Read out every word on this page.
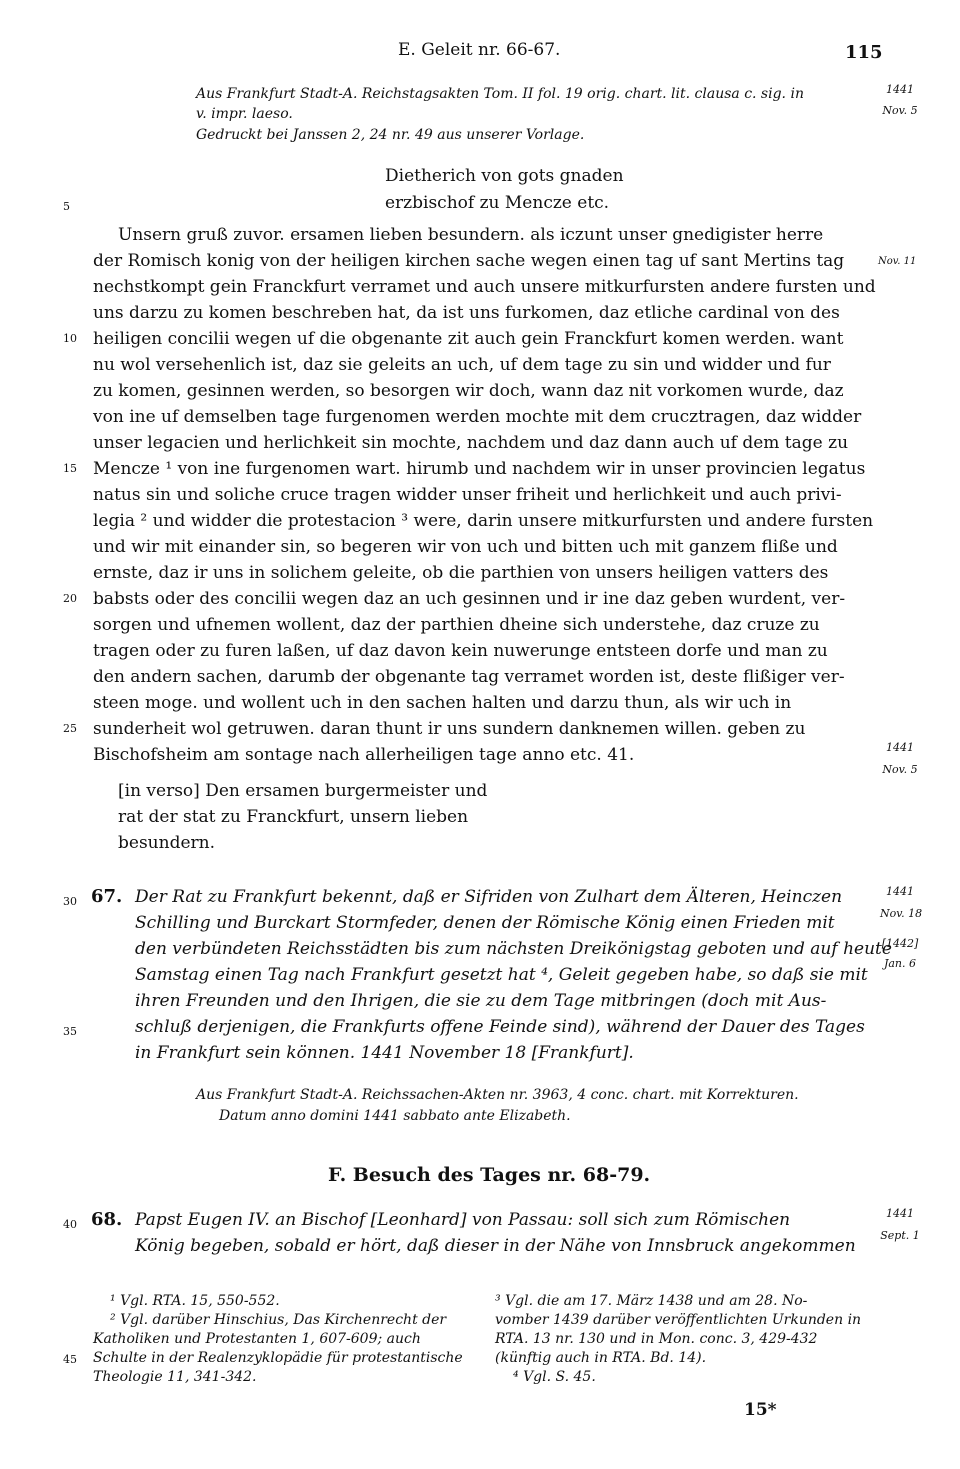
E. Geleit nr. 66-67.	115
Aus Frankfurt Stadt-A. Reichstagsakten Tom. II fol. 19 orig. chart. lit. clausa c. sig. in
v. impr. laeso.
Gedruckt bei Janssen 2, 24 nr. 49 aus unserer Vorlage.
1441
Nov. 5
Dietherich von gots gnaden
erzbischof zu Mencze etc.
5
Unsern gruß zuvor. ersamen lieben besundern. als iczunt unser gnedigister herre
der Romisch konig von der heiligen kirchen sache wegen einen tag uf sant Mertins tag	Nov. 11
nechstkompt gein Franckfurt verramet und auch unsere mitkurfursten andere fursten und
uns darzu zu komen beschreben hat, da ist uns furkomen, daz etliche cardinal von des
10 heiligen concilii wegen uf die obgenante zit auch gein Franckfurt komen werden. want
nu wol versehenlich ist, daz sie geleits an uch, uf dem tage zu sin und widder und fur
zu komen, gesinnen werden, so besorgen wir doch, wann daz nit vorkomen wurde, daz
von ine uf demselben tage furgenomen werden mochte mit dem crucztragen, daz widder
unser legacien und herlichkeit sin mochte, nachdem und daz dann auch uf dem tage zu
15 Mencze ¹ von ine furgenomen wart. hirumb und nachdem wir in unser provincien legatus
natus sin und soliche cruce tragen widder unser friheit und herlichkeit und auch privi-
legia ² und widder die protestacion ³ were, darin unsere mitkurfursten und andere fursten
und wir mit einander sin, so begeren wir von uch und bitten uch mit ganzem fliße und
ernste, daz ir uns in solichem geleite, ob die parthien von unsers heiligen vatters des
20 babsts oder des concilii wegen daz an uch gesinnen und ir ine daz geben wurdent, ver-
sorgen und ufnemen wollent, daz der parthien dheine sich understehe, daz cruze zu
tragen oder zu furen laßen, uf daz davon kein nuwerunge entsteen dorfe und man zu
den andern sachen, darumb der obgenante tag verramet worden ist, deste flißiger ver-
steen moge. und wollent uch in den sachen halten und darzu thun, als wir uch in
25 sunderheit wol getruwen. daran thunt ir uns sundern danknemen willen. geben zu
Bischofsheim am sontage nach allerheiligen tage anno etc. 41.	1441
Nov. 5
[in verso] Den ersamen burgermeister und
rat der stat zu Franckfurt, unsern lieben
besundern.
30 67. Der Rat zu Frankfurt bekennt, daß er Sifriden von Zulhart dem Älteren, Heinczen
Schilling und Burckart Stormfeder, denen der Römische König einen Frieden mit
den verbündeten Reichsstädten bis zum nächsten Dreikönigstag geboten und auf heute
Samstag einen Tag nach Frankfurt gesetzt hat ⁴, Geleit gegeben habe, so daß sie mit
ihren Freunden und den Ihrigen, die sie zu dem Tage mitbringen (doch mit Aus-
35	schluß derjenigen, die Frankfurts offene Feinde sind), während der Dauer des Tages
in Frankfurt sein können. 1441 November 18 [Frankfurt].
1441
Nov. 18
[1442]
Jan. 6
Aus Frankfurt Stadt-A. Reichssachen-Akten nr. 3963, 4 conc. chart. mit Korrekturen.
Datum anno domini 1441 sabbato ante Elizabeth.
F. Besuch des Tages nr. 68-79.
40 68. Papst Eugen IV. an Bischof [Leonhard] von Passau: soll sich zum Römischen
König begeben, sobald er hört, daß dieser in der Nähe von Innsbruck angekommen
1441
Sept. 1
¹ Vgl. RTA. 15, 550-552.
² Vgl. darüber Hinschius, Das Kirchenrecht der
Katholiken und Protestanten 1, 607-609; auch
45 Schulte in der Realenzyklopädie für protestantische
Theologie 11, 341-342.
³ Vgl. die am 17. März 1438 und am 28. No-
vomber 1439 darüber veröffentlichten Urkunden in
RTA. 13 nr. 130 und in Mon. conc. 3, 429-432
(künftig auch in RTA. Bd. 14).
⁴ Vgl. S. 45.
15*
